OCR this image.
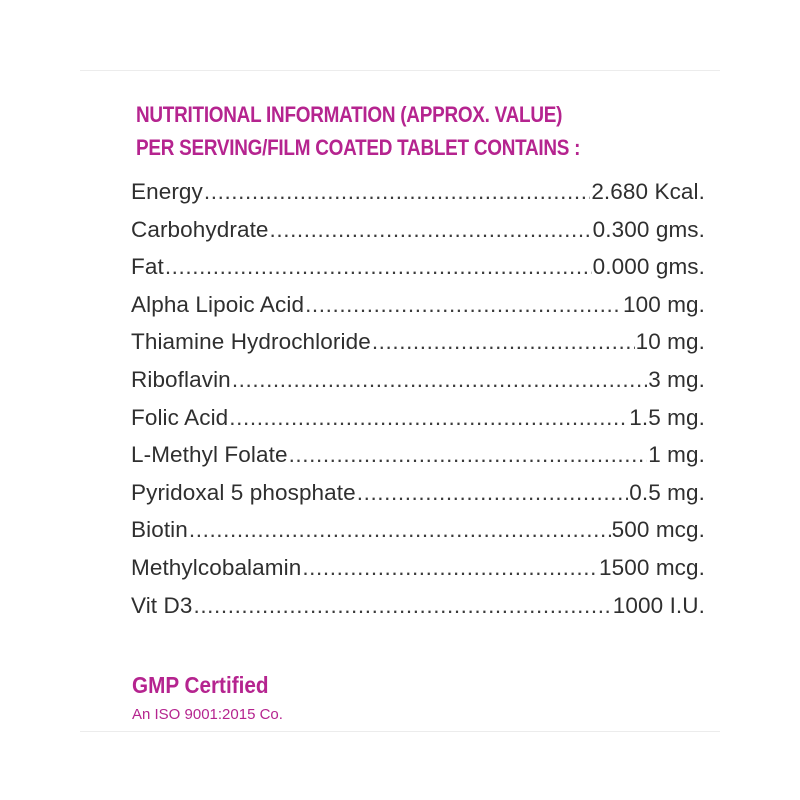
NUTRITIONAL INFORMATION (APPROX. VALUE)
PER SERVING/FILM COATED TABLET CONTAINS :
Energy .....	2.680 Kcal.
Carbohydrate .....	0.300 gms.
Fat .....	0.000 gms.
Alpha Lipoic Acid .....	100 mg.
Thiamine Hydrochloride .....	10 mg.
Riboflavin .....	3 mg.
Folic Acid .....	1.5 mg.
L-Methyl Folate .....	1 mg.
Pyridoxal 5 phosphate .....	0.5 mg.
Biotin .....	500 mcg.
Methylcobalamin .....	1500 mcg.
Vit D3 .....	1000 I.U.
GMP Certified
An ISO 9001:2015 Co.
